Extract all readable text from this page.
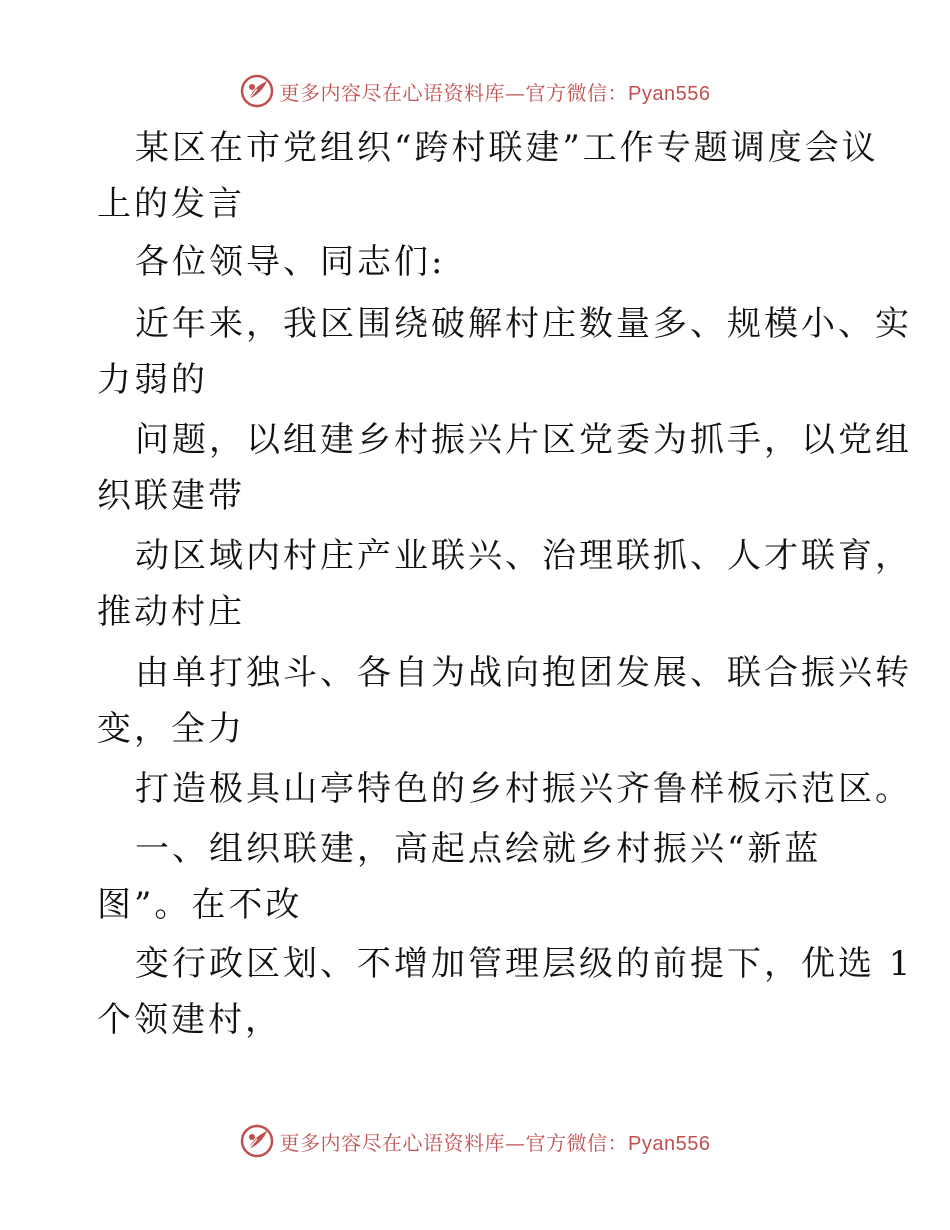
更多内容尽在心语资料库—官方微信：Pyan556
某区在市党组织“跨村联建”工作专题调度会议
上的发言
各位领导、同志们:
近年来，我区围绕破解村庄数量多、规模小、实
力弱的
问题，以组建乡村振兴片区党委为抓手，以党组
织联建带
动区域内村庄产业联兴、治理联抓、人才联育，
推动村庄
由单打独斗、各自为战向抱团发展、联合振兴转
变，全力
打造极具山亭特色的乡村振兴齐鲁样板示范区。
一、组织联建，高起点绘就乡村振兴“新蓝
图”。在不改
变行政区划、不增加管理层级的前提下，优选 1
个领建村，
更多内容尽在心语资料库—官方微信：Pyan556
